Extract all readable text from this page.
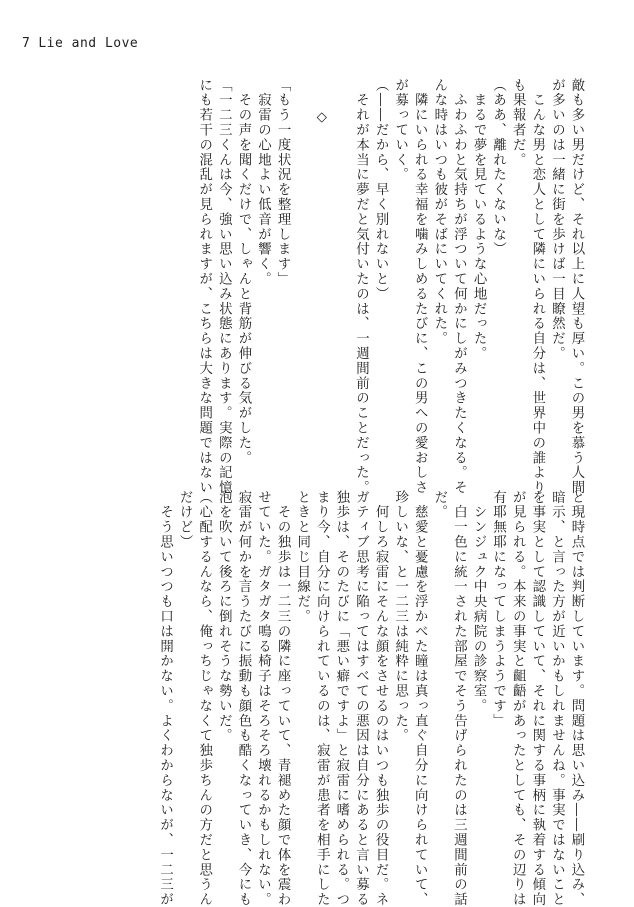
7 Lie and Love
敵も多い男だけど、それ以上に人望も厚い。この男を慕う人間
が多いのは一緒に街を歩けば一目瞭然だ。
　こんな男と恋人として隣にいられる自分は、世界中の誰より
も果報者だ。
（ああ、離れたくないな）
　まるで夢を見ているような心地だった。
　ふわふわと気持ちが浮ついて何かにしがみつきたくなる。そ
んな時はいつも彼がそばにいてくれた。
　隣にいられる幸福を噛みしめるたびに、この男への愛おしさ
が募っていく。
（――だから、早く別れないと）
　それが本当に夢だと気付いたのは、一週間前のことだった。

◇

「もう一度状況を整理します」
　寂雷の心地よい低音が響く。
　その声を聞くだけで、しゃんと背筋が伸びる気がした。
「一二三くんは今、強い思い込み状態にあります。実際の記憶
にも若干の混乱が見られますが、こちらは大きな問題ではない
と現時点では判断しています。問題は思い込み――刷り込み、
暗示、と言った方が近いかもしれませんね。事実ではないこと
を事実として認識していて、それに関する事柄に執着する傾向
が見られる。本来の事実と齟齬があったとしても、その辺りは
有耶無耶になってしまうようです」
　シンジュク中央病院の診察室。
　白一色に統一された部屋でそう告げられたのは三週間前の話
だ。
　慈愛と憂慮を浮かべた瞳は真っ直ぐ自分に向けられていて、
珍しいな、と一二三は純粋に思った。
　何しろ寂雷にそんな顔をさせるのはいつも独歩の役目だ。ネ
ガティブ思考に陥ってはすべての悪因は自分にあると言い募る
独歩は、そのたびに「悪い癖ですよ」と寂雷に嗜められる。つ
まり今、自分に向けられているのは、寂雷が患者を相手にした
ときと同じ目線だ。
　その独歩は一二三の隣に座っていて、青褪めた顔で体を震わ
せていた。ガタガタ鳴る椅子はそろそろ壊れるかもしれない。
寂雷が何かを言うたびに振動も顔色も酷くなっていき、今にも
泡を吹いて後ろに倒れそうな勢いだ。
（心配するんなら、俺っちじゃなくて独歩ちんの方だと思うん
だけど）
　そう思いつつも口は開かない。よくわからないが、一二三が
